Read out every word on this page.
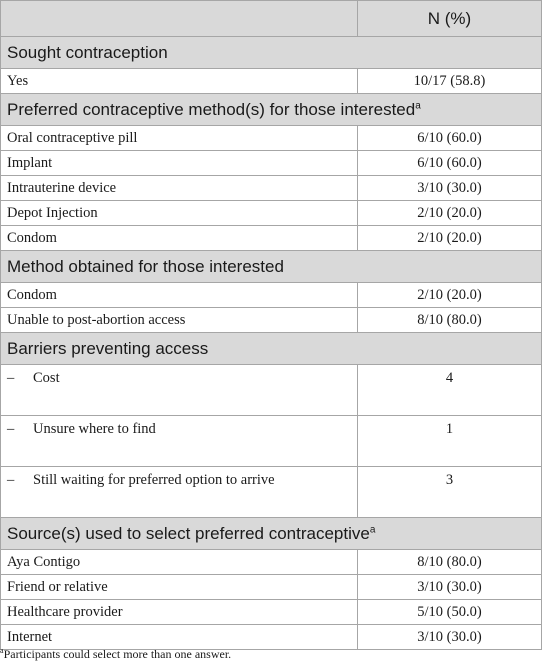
	N (%)
Sought contraception	
Yes	10/17 (58.8)
Preferred contraceptive method(s) for those interested$^a$
Oral contraceptive pill	6/10 (60.0)
Implant	6/10 (60.0)
Intrauterine device	3/10 (30.0)
Depot Injection	2/10 (20.0)
Condom	2/10 (20.0)
Method obtained for those interested	
Condom	2/10 (20.0)
Unable to post-abortion access	8/10 (80.0)
Barriers preventing access	
– Cost	4
– Unsure where to find	1
– Still waiting for preferred option to arrive	3
Source(s) used to select preferred contraceptive$^a$
Aya Contigo	8/10 (80.0)
Friend or relative	3/10 (30.0)
Healthcare provider	5/10 (50.0)
Internet	3/10 (30.0)
$^a$Participants could select more than one answer.
